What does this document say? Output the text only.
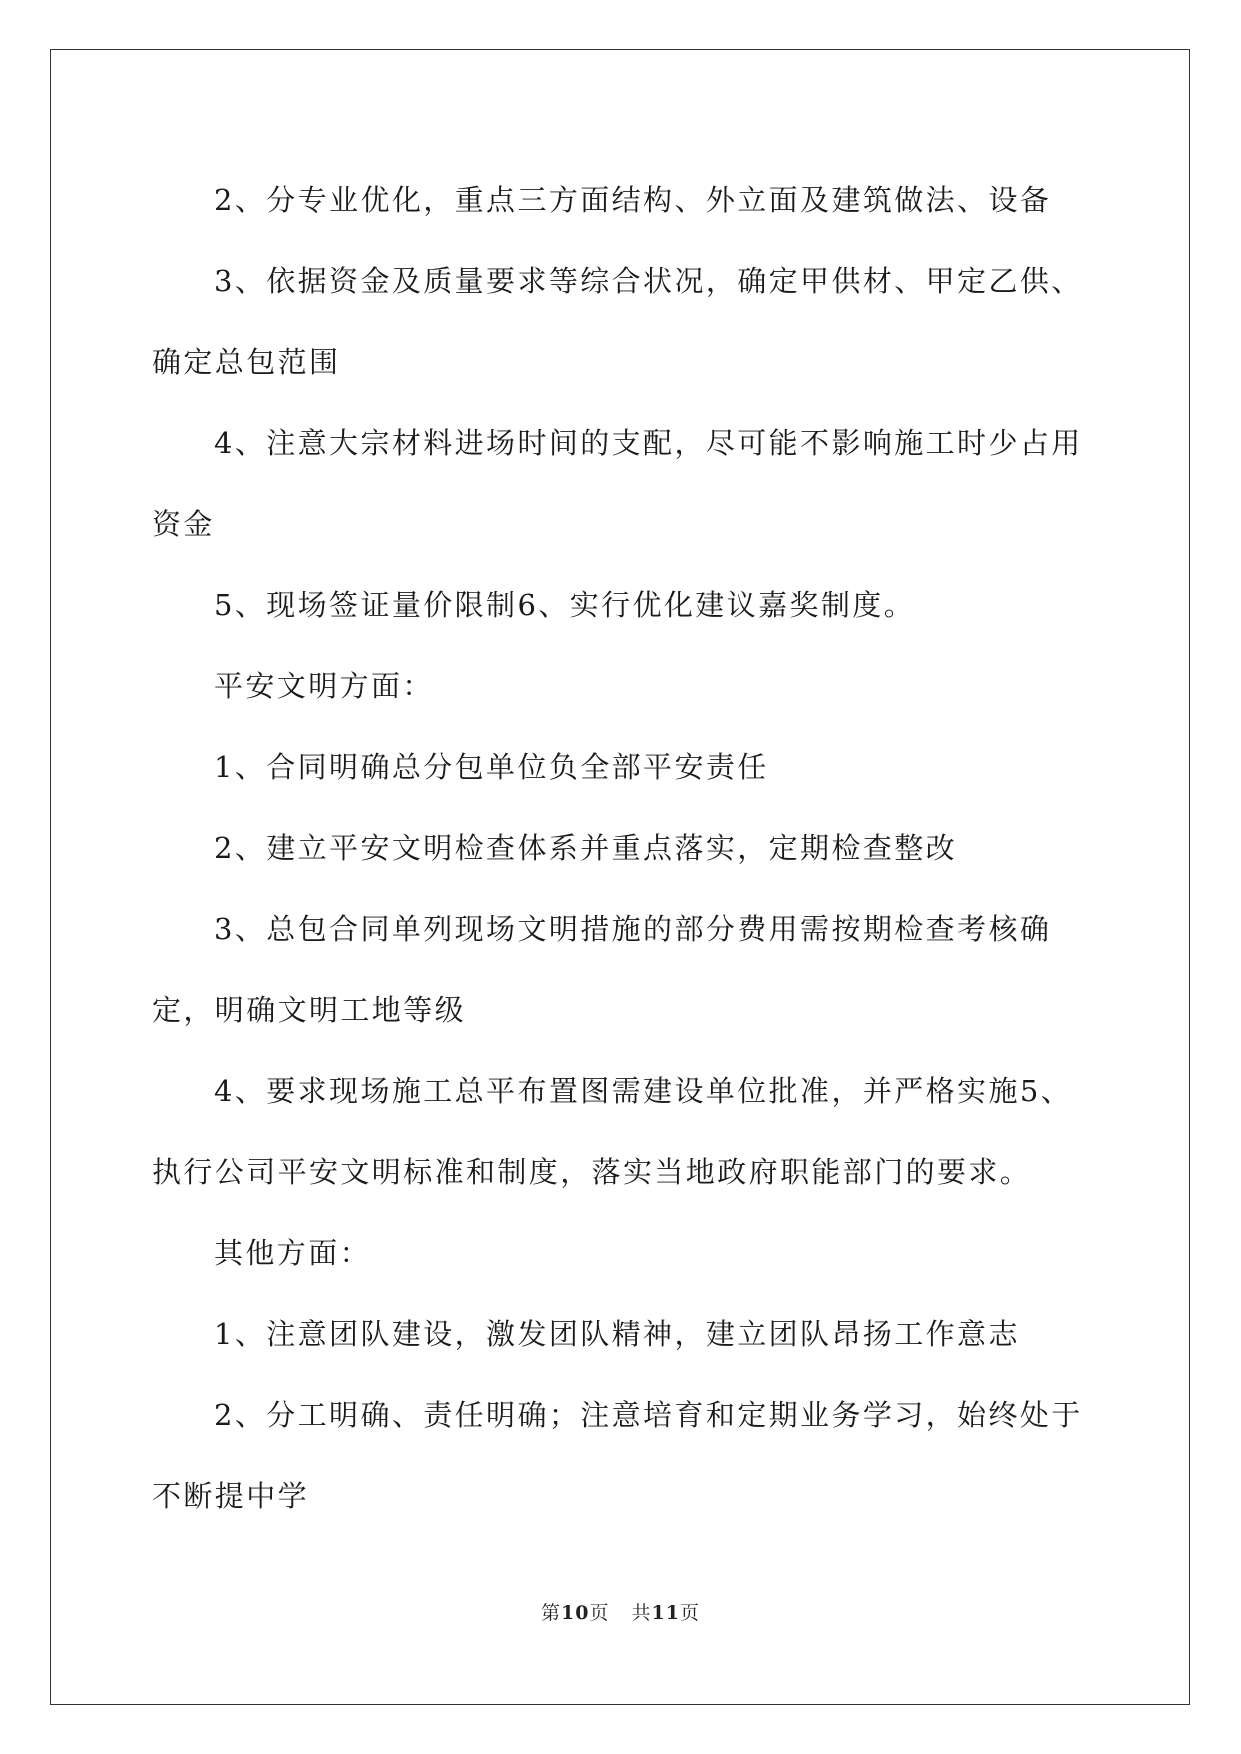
2、分专业优化，重点三方面结构、外立面及建筑做法、设备

3、依据资金及质量要求等综合状况，确定甲供材、甲定乙供、确定总包范围

4、注意大宗材料进场时间的支配，尽可能不影响施工时少占用资金

5、现场签证量价限制6、实行优化建议嘉奖制度。

平安文明方面：

1、合同明确总分包单位负全部平安责任

2、建立平安文明检查体系并重点落实，定期检查整改

3、总包合同单列现场文明措施的部分费用需按期检查考核确定，明确文明工地等级

4、要求现场施工总平布置图需建设单位批准，并严格实施5、执行公司平安文明标准和制度，落实当地政府职能部门的要求。

其他方面：

1、注意团队建设，激发团队精神，建立团队昂扬工作意志

2、分工明确、责任明确；注意培育和定期业务学习，始终处于不断提中学

第10页 共11页
